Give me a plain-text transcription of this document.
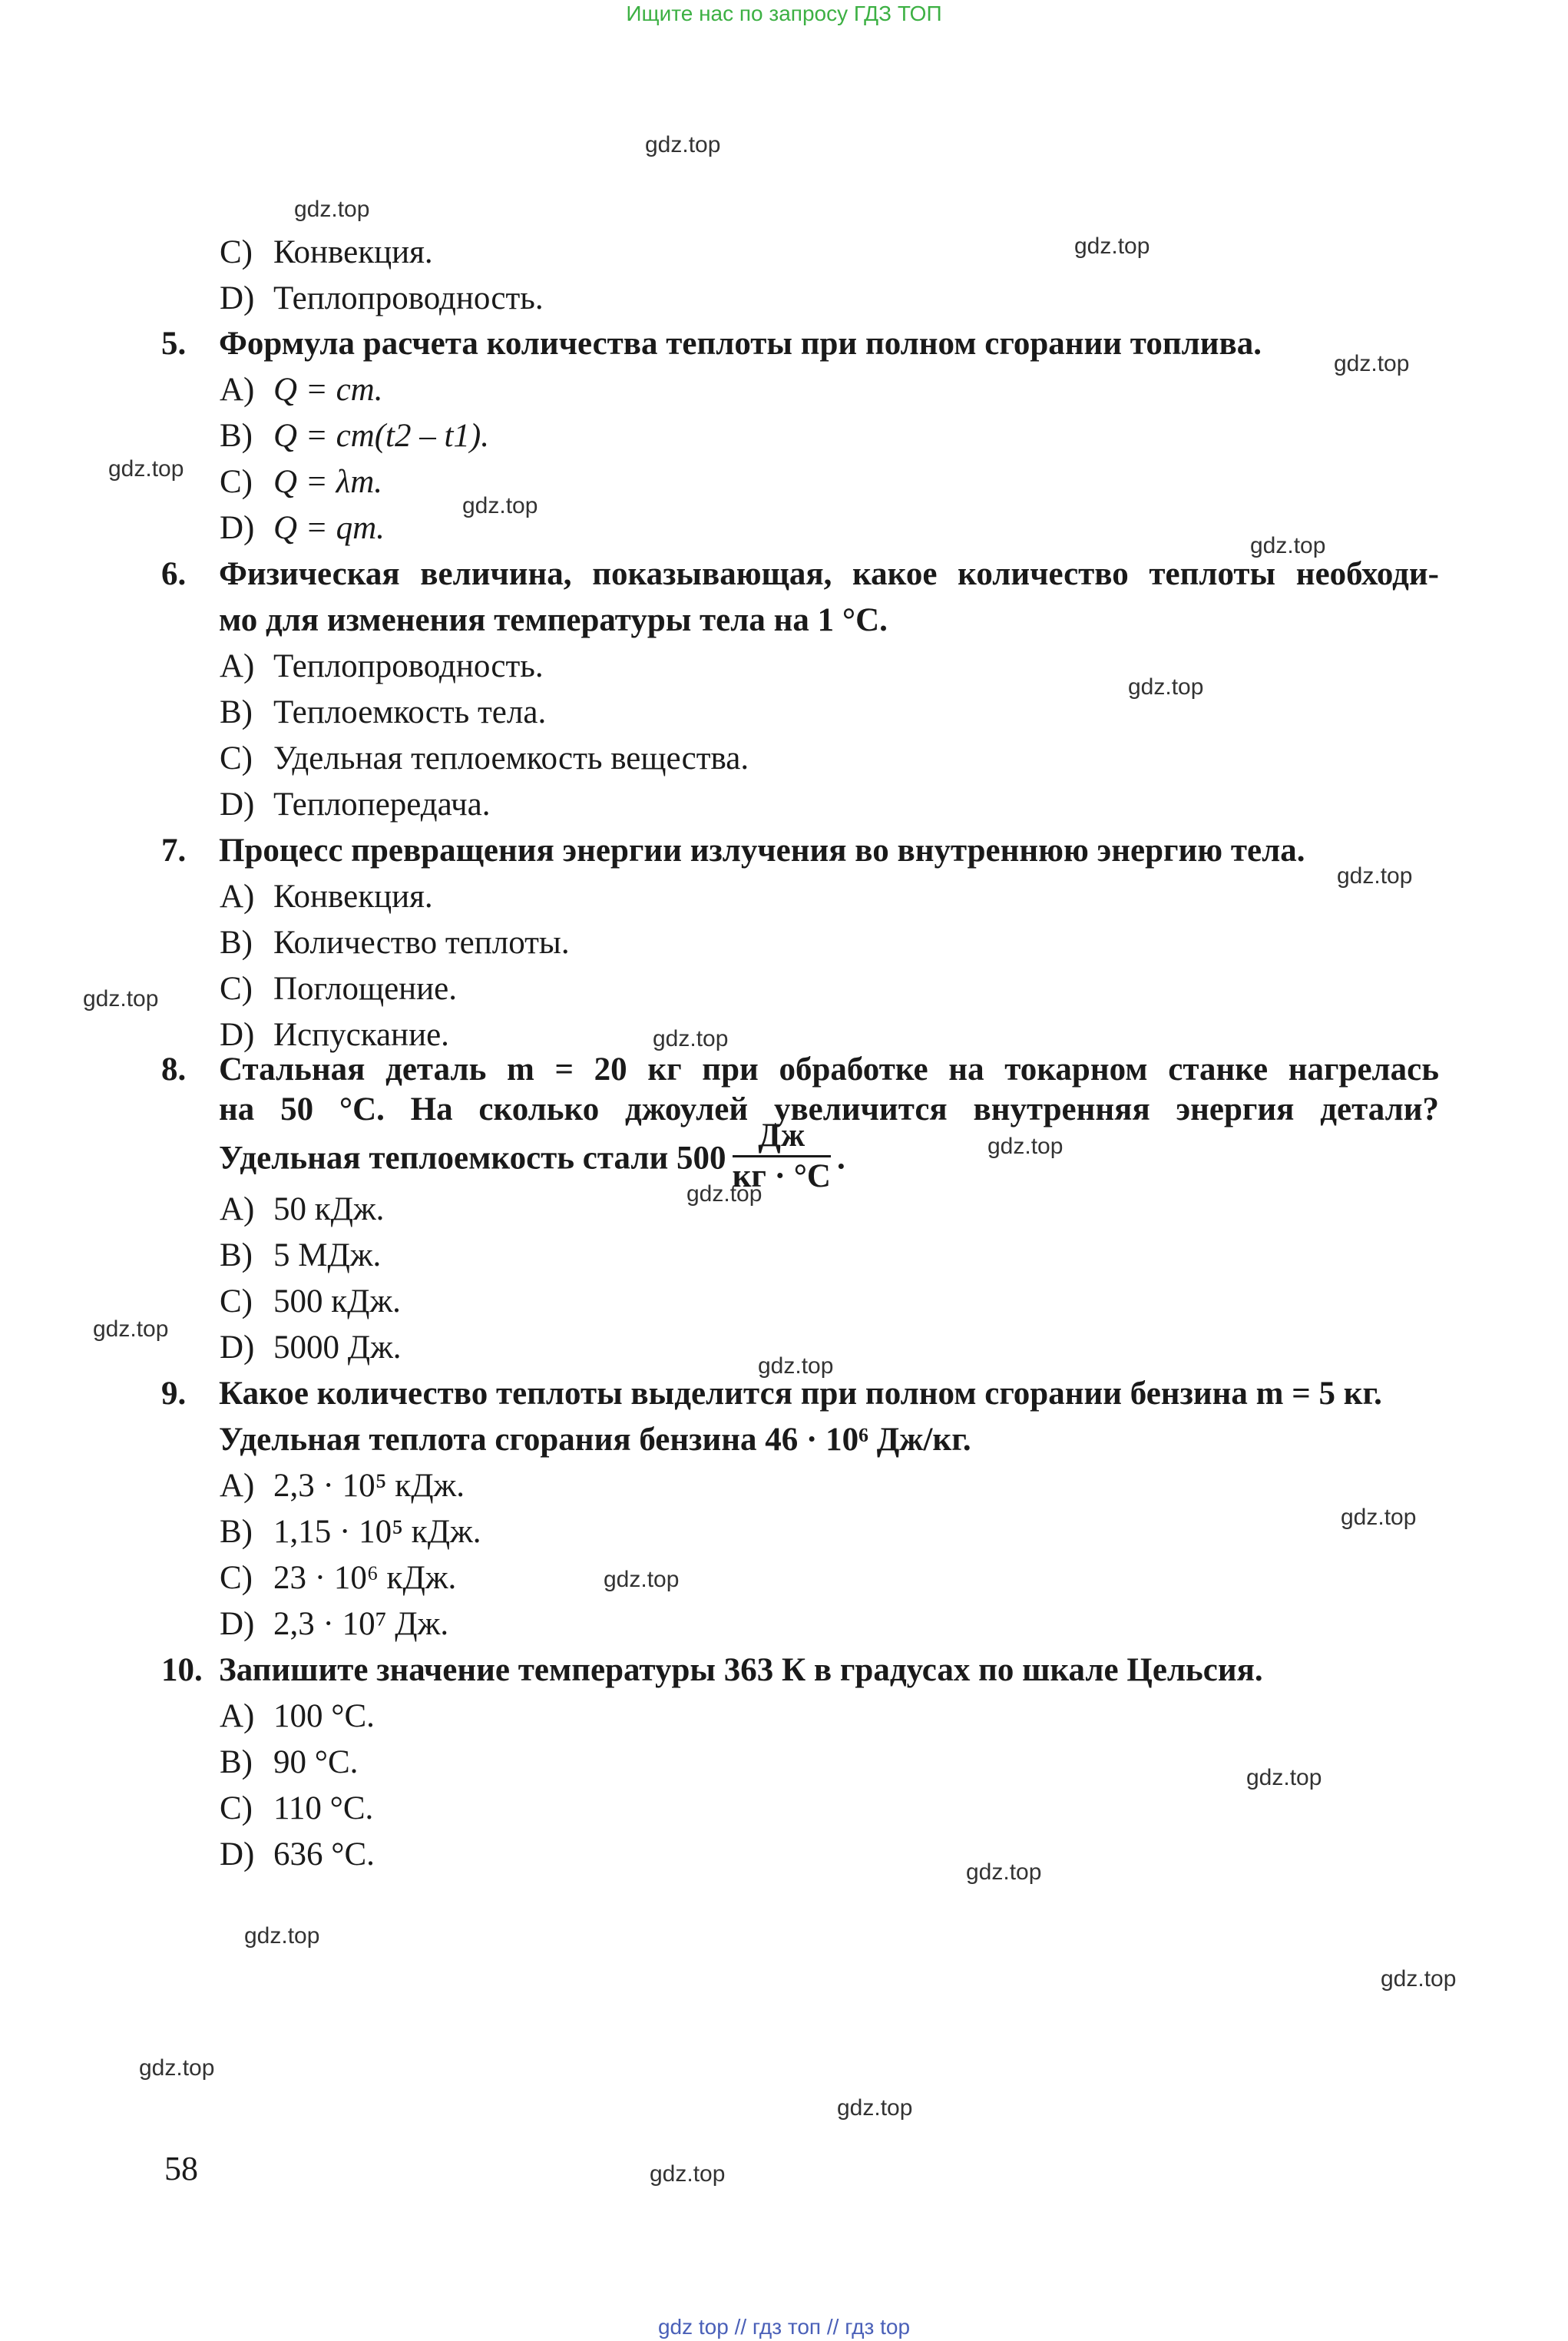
Ищите нас по запросу ГДЗ ТОП
gdz.top
gdz.top
gdz.top
gdz.top
gdz.top
gdz.top
gdz.top
gdz.top
gdz.top
gdz.top
gdz.top
gdz.top
gdz.top
gdz.top
gdz.top
gdz.top
gdz.top
gdz.top
gdz.top
gdz.top
gdz.top
gdz.top
gdz.top
gdz.top
C) Конвекция.
D) Теплопроводность.
5. Формула расчета количества теплоты при полном сгорании топлива.
A) Q = cm.
B) Q = cm(t2 – t1).
C) Q = λm.
D) Q = qm.
6. Физическая величина, показывающая, какое количество теплоты необходи-
мо для изменения температуры тела на 1 °C.
A) Теплопроводность.
B) Теплоемкость тела.
C) Удельная теплоемкость вещества.
D) Теплопередача.
7. Процесс превращения энергии излучения во внутреннюю энергию тела.
A) Конвекция.
B) Количество теплоты.
C) Поглощение.
D) Испускание.
8. Стальная деталь m = 20 кг при обработке на токарном станке нагрелась
на 50 °C. На сколько джоулей увеличится внутренняя энергия детали?
Удельная теплоемкость стали $500 \frac{Дж}{кг \cdot ^\circ C}$ .
A) 50 кДж.
B) 5 МДж.
C) 500 кДж.
D) 5000 Дж.
9. Какое количество теплоты выделится при полном сгорании бензина m = 5 кг.
Удельная теплота сгорания бензина 46 · 10⁶ Дж/кг.
A) 2,3 · 10⁵ кДж.
B) 1,15 · 10⁵ кДж.
C) 23 · 10⁶ кДж.
D) 2,3 · 10⁷ Дж.
10. Запишите значение температуры 363 К в градусах по шкале Цельсия.
A) 100 °C.
B) 90 °C.
C) 110 °C.
D) 636 °C.
58
gdz top // гдз топ // гдз top
